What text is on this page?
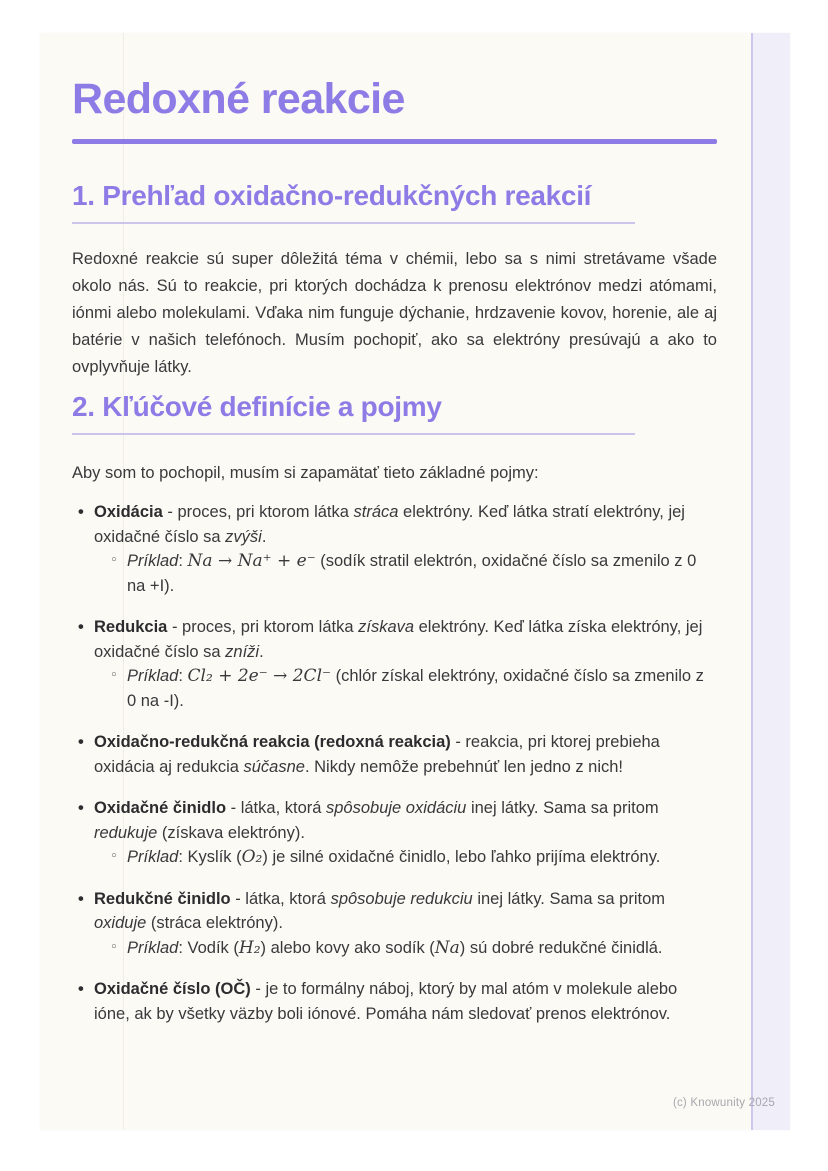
Redoxné reakcie
1. Prehľad oxidačno-redukčných reakcií

Redoxné reakcie sú super dôležitá téma v chémii, lebo sa s nimi stretávame všade okolo nás. Sú to reakcie, pri ktorých dochádza k prenosu elektrónov medzi atómami, iónmi alebo molekulami. Vďaka nim funguje dýchanie, hrdzavenie kovov, horenie, ale aj batérie v našich telefónoch. Musím pochopiť, ako sa elektróny presúvajú a ako to ovplyvňuje látky.

2. Kľúčové definície a pojmy

Aby som to pochopil, musím si zapamätať tieto základné pojmy:

• Oxidácia - proces, pri ktorom látka stráca elektróny. Keď látka stratí elektróny, jej oxidačné číslo sa zvýši.
◦ Príklad: Na → Na⁺ + e⁻ (sodík stratil elektrón, oxidačné číslo sa zmenilo z 0 na +I).
• Redukcia - proces, pri ktorom látka získava elektróny. Keď látka získa elektróny, jej oxidačné číslo sa zníži.
◦ Príklad: Cl₂ + 2e⁻ → 2Cl⁻ (chlór získal elektróny, oxidačné číslo sa zmenilo z 0 na -I).
• Oxidačno-redukčná reakcia (redoxná reakcia) - reakcia, pri ktorej prebieha oxidácia aj redukcia súčasne. Nikdy nemôže prebehnúť len jedno z nich!
• Oxidačné činidlo - látka, ktorá spôsobuje oxidáciu inej látky. Sama sa pritom redukuje (získava elektróny).
◦ Príklad: Kyslík (O₂) je silné oxidačné činidlo, lebo ľahko prijíma elektróny.
• Redukčné činidlo - látka, ktorá spôsobuje redukciu inej látky. Sama sa pritom oxiduje (stráca elektróny).
◦ Príklad: Vodík (H₂) alebo kovy ako sodík (Na) sú dobré redukčné činidlá.
• Oxidačné číslo (OČ) - je to formálny náboj, ktorý by mal atóm v molekule alebo ióne, ak by všetky väzby boli iónové. Pomáha nám sledovať prenos elektrónov.
(c) Knowunity 2025
